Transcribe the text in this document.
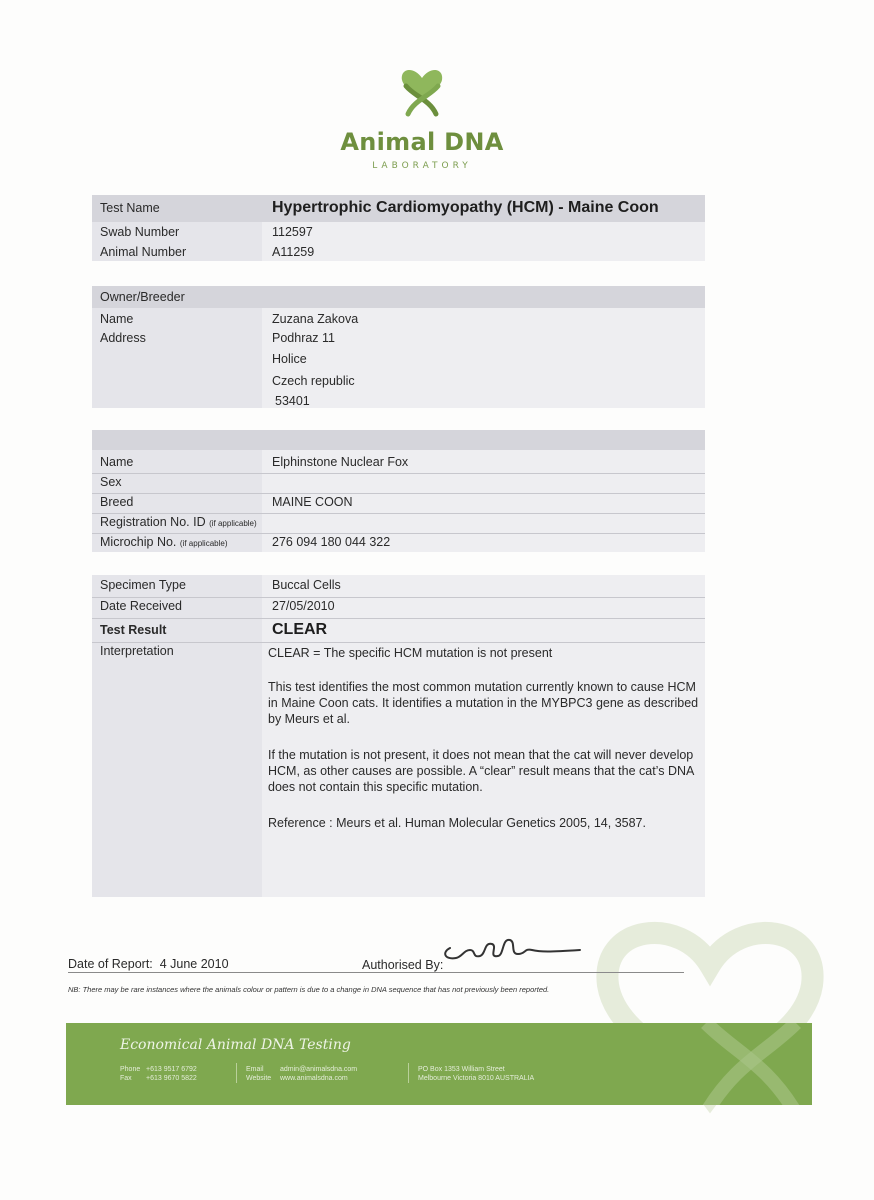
Animal DNA
LABORATORY
Test Name	Hypertrophic Cardiomyopathy (HCM) - Maine Coon
Swab Number	112597
Animal Number	A11259
Owner/Breeder
Name	Zuzana Zakova
Address	Podhraz 11
Holice
Czech republic
53401
Name	Elphinstone Nuclear Fox
Sex
Breed	MAINE COON
Registration No. ID (if applicable)
Microchip No. (if applicable)	276 094 180 044 322
Specimen Type	Buccal Cells
Date Received	27/05/2010
Test Result	CLEAR
Interpretation	CLEAR = The specific HCM mutation is not present

This test identifies the most common mutation currently known to cause HCM in Maine Coon cats. It identifies a mutation in the MYBPC3 gene as described by Meurs et al.

If the mutation is not present, it does not mean that the cat will never develop HCM, as other causes are possible. A “clear” result means that the cat’s DNA does not contain this specific mutation.

Reference : Meurs et al. Human Molecular Genetics 2005, 14, 3587.

Date of Report: 4 June 2010	Authorised By:
NB: There may be rare instances where the animals colour or pattern is due to a change in DNA sequence that has not previously been reported.
Economical Animal DNA Testing
Phone +613 9517 6792
Fax +613 9670 5822
Email admin@animalsdna.com
Website www.animalsdna.com
PO Box 1353 William Street
Melbourne Victoria 8010 AUSTRALIA
